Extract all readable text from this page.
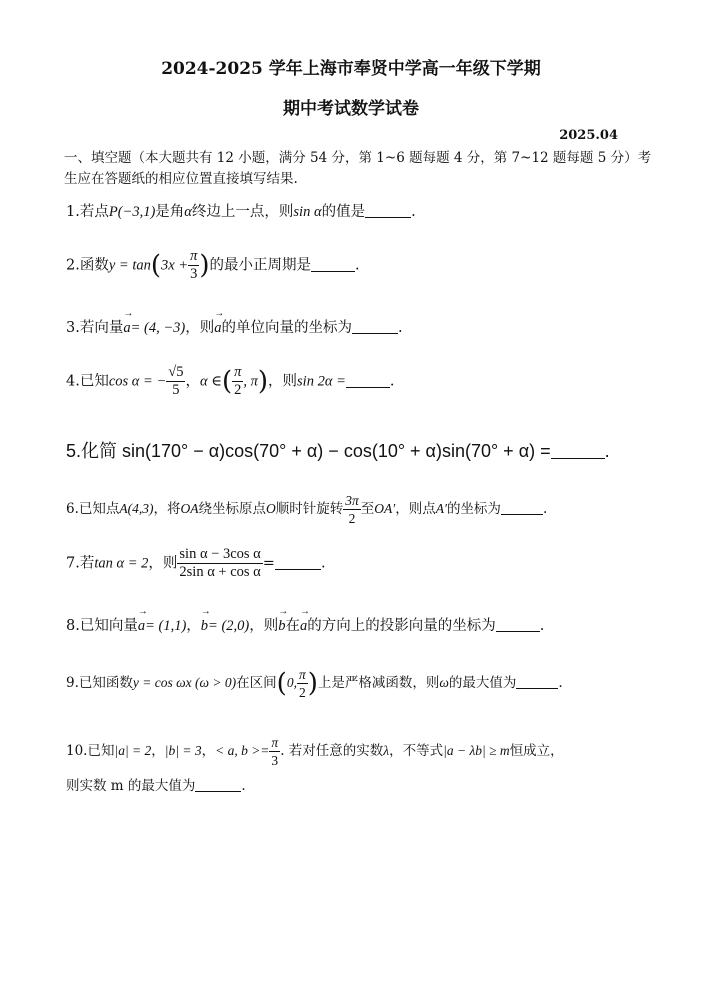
2024-2025 学年上海市奉贤中学高一年级下学期
期中考试数学试卷
2025.04
一、填空题（本大题共有 12 小题，满分 54 分，第 1~6 题每题 4 分，第 7~12 题每题 5 分）考
生应在答题纸的相应位置直接填写结果.
1.若点P(−3,1)是角α终边上一点，则sin α的值是	.
2.函数$y = \tan(3x + \frac{\pi}{3}$ )的最小正周期是	.
3.若向量→ a= (4, −3)，则→ a的单位向量的坐标为	.
4.已知cos α = − $\frac{√5}{5}$ ，α ∈( $\frac{\pi}{2}$ , π)，则sin 2α =	.
5.化简 sin(170° − α)cos(70° + α) − cos(10° + α)sin(70° + α) =	.
6.已知点A(4,3)，将OA绕坐标原点O顺时针旋转 $\frac{3\pi}{2}$ 至OA′，则点A′的坐标为	.
7.若tan α = 2，则 $\frac{\text{sin α − 3cos α}}{\text{2sin α + cos α}}$ =	.
8.已知向量→ a= (1,1)，→ b= (2,0)，则→ b在→ a的方向上的投影向量的坐标为	.
9.已知函数y = cos ωx (ω > 0)在区间(0, $\frac{\pi}{2}$ )上是严格减函数，则ω的最大值为	.
10.已知|a| = 2，|b| = 3，< a, $b >= \frac{\pi}{3}$ . 若对任意的实数λ，不等式|a − λb| ≥ m恒成立，
则实数 m 的最大值为	.
